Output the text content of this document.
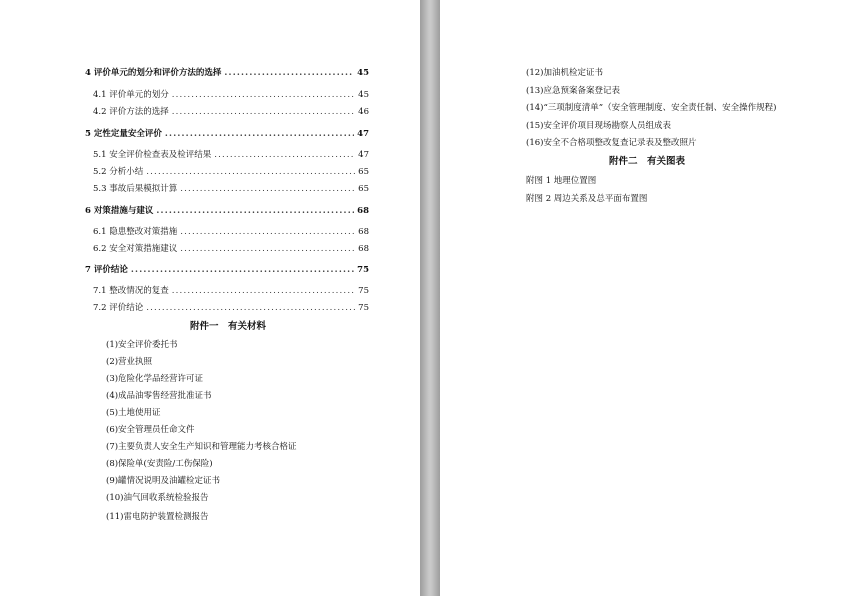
4 评价单元的划分和评价方法的选择 .....	45
4.1 评价单元的划分 .....	45
4.2 评价方法的选择 .....	46
5 定性定量安全评价 .....	47
5.1 安全评价检查表及检评结果 .....	47
5.2 分析小结 .....	65
5.3 事故后果模拟计算 .....	65
6 对策措施与建议 .....	68
6.1 隐患整改对策措施 .....	68
6.2 安全对策措施建议 .....	68
7 评价结论 .....	75
7.1 整改情况的复查 .....	75
7.2 评价结论 .....	75
附件一　有关材料
(1)安全评价委托书
(2)营业执照
(3)危险化学品经营许可证
(4)成品油零售经营批准证书
(5)土地使用证
(6)安全管理员任命文件
(7)主要负责人安全生产知识和管理能力考核合格证
(8)保险单(安责险/工伤保险)
(9)罐情况说明及油罐检定证书
(10)油气回收系统检验报告
(11)雷电防护装置检测报告
(12)加油机检定证书
(13)应急预案备案登记表
(14)“三项制度清单”（安全管理制度、安全责任制、安全操作规程)
(15)安全评价项目现场勘察人员组成表
(16)安全不合格项整改复查记录表及整改照片
附件二　有关图表
附图 1 地理位置图
附图 2 周边关系及总平面布置图
